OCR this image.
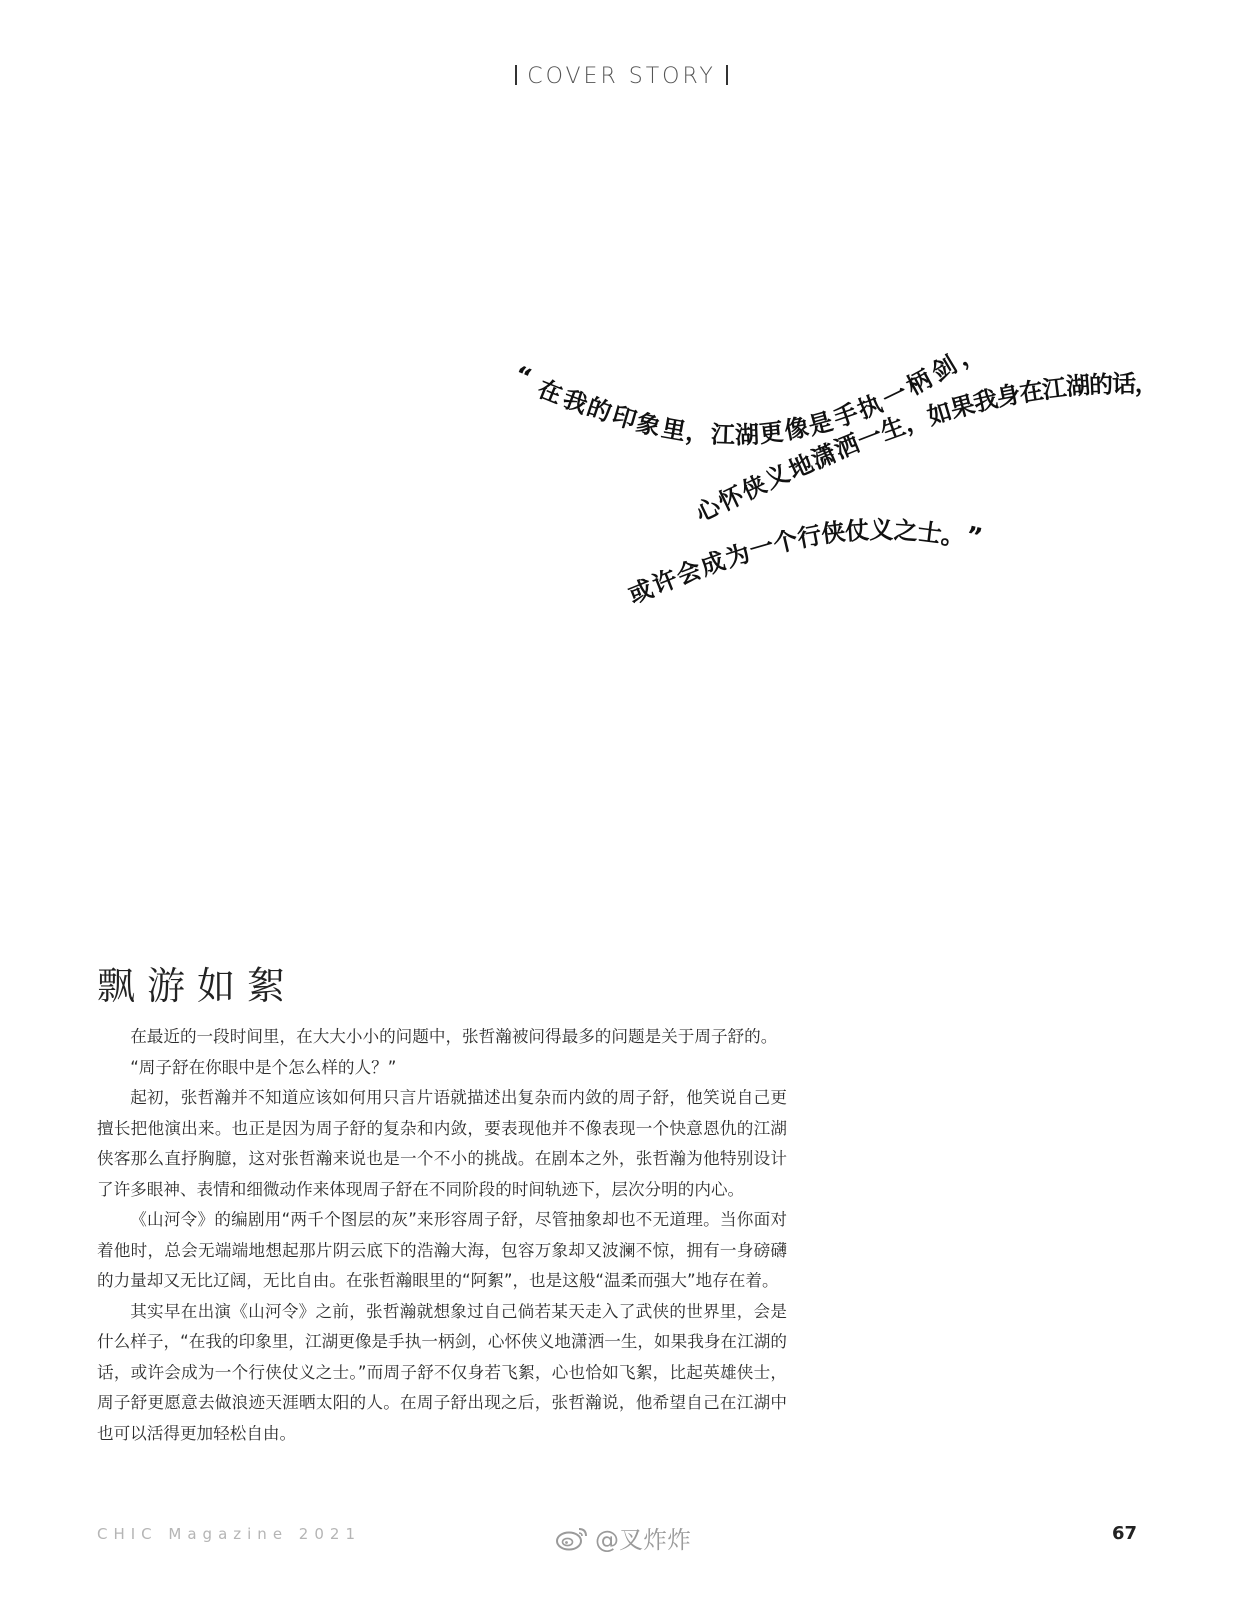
COVER STORY
“
在
我
的
印
象
里
，
江 湖
更
像
是
手
执
一
柄
剑
，
心
怀
侠
义
地
潇
洒
一
生
，
如
果
我
身
在
江
湖
的
话
，
或
许
会
成
为
一
个
行
侠
仗 义 之
士
。
”
飘游如絮

在最近的一段时间里，在大大小小的问题中，张哲瀚被问得最多的问题是关于周子舒的。

“周子舒在你眼中是个怎么样的人？”

起初，张哲瀚并不知道应该如何用只言片语就描述出复杂而内敛的周子舒，他笑说自己更擅长把他演出来。也正是因为周子舒的复杂和内敛，要表现他并不像表现一个快意恩仇的江湖侠客那么直抒胸臆，这对张哲瀚来说也是一个不小的挑战。在剧本之外，张哲瀚为他特别设计了许多眼神、表情和细微动作来体现周子舒在不同阶段的时间轨迹下，层次分明的内心。

《山河令》的编剧用“两千个图层的灰”来形容周子舒，尽管抽象却也不无道理。当你面对着他时，总会无端端地想起那片阴云底下的浩瀚大海，包容万象却又波澜不惊，拥有一身磅礴的力量却又无比辽阔，无比自由。在张哲瀚眼里的“阿絮”，也是这般“温柔而强大”地存在着。

其实早在出演《山河令》之前，张哲瀚就想象过自己倘若某天走入了武侠的世界里，会是什么样子，“在我的印象里，江湖更像是手执一柄剑，心怀侠义地潇洒一生，如果我身在江湖的话，或许会成为一个行侠仗义之士。”而周子舒不仅身若飞絮，心也恰如飞絮，比起英雄侠士，周子舒更愿意去做浪迹天涯晒太阳的人。在周子舒出现之后，张哲瀚说，他希望自己在江湖中也可以活得更加轻松自由。

CHIC Magazine 2021	@叉炸炸	67
